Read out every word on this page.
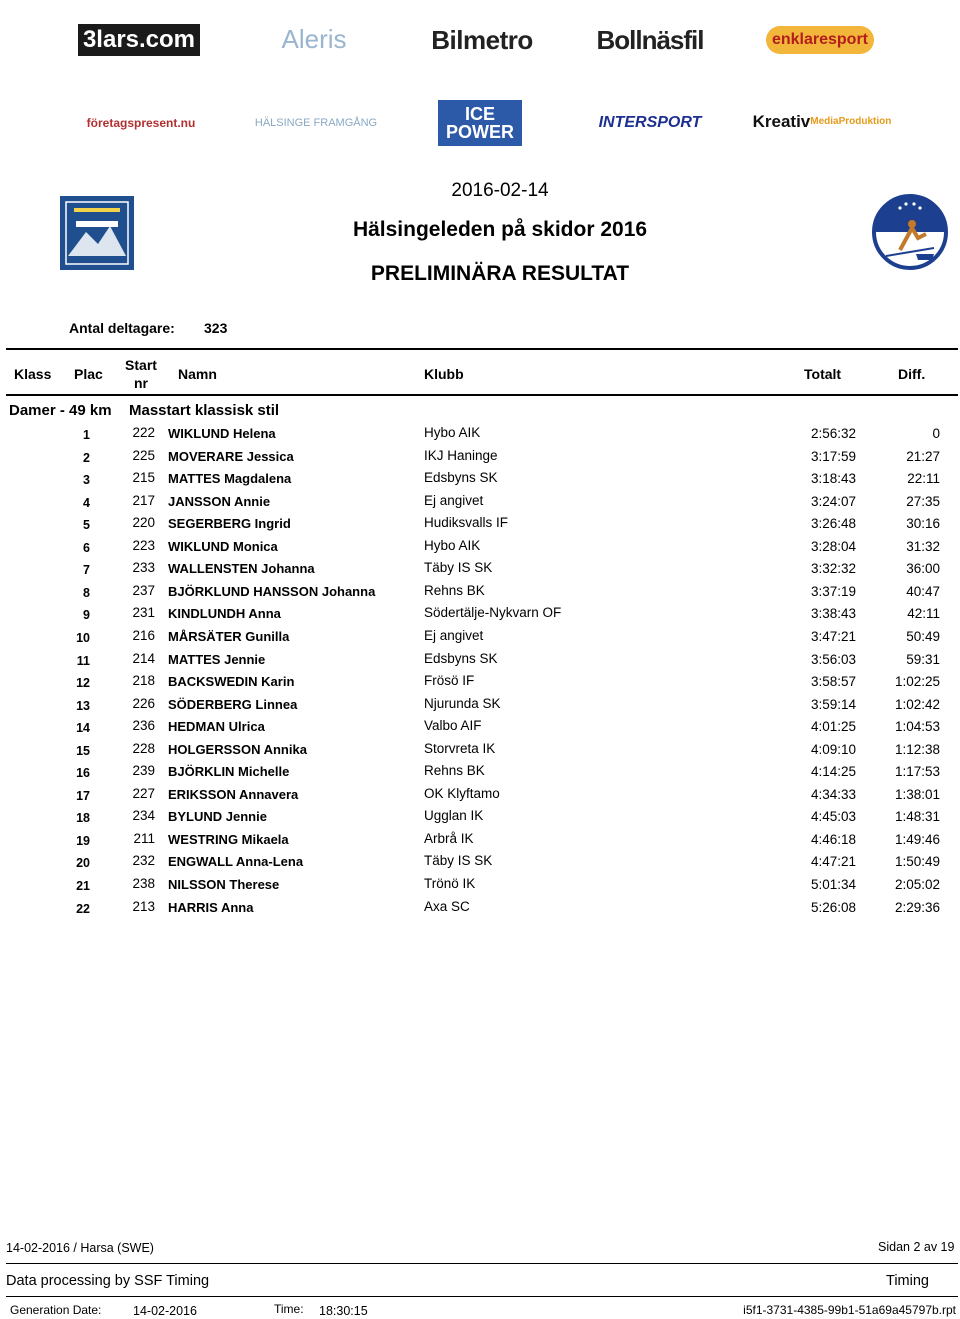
3lars.com	Aleris	Bilmetro	Bollnäsfil	enklaresport
företagspresent.nu	HÄLSINGE FRAMGÅNG	ICE POWER	INTERSPORT	Kreativ MediaProduktion
2016-02-14
Hälsingeleden på skidor 2016
PRELIMINÄRA RESULTAT
Antal deltagare: 323
Klass Plac
Start
nr
Namn	Klubb	Totalt	Diff.
Damer - 49 km Masstart klassisk stil
1	222 WIKLUND Helena	Hybo AIK	2:56:32	0
2	225 MOVERARE Jessica	IKJ Haninge	3:17:59	21:27
3	215 MATTES Magdalena	Edsbyns SK	3:18:43	22:11
4	217 JANSSON Annie	Ej angivet	3:24:07	27:35
5	220 SEGERBERG Ingrid	Hudiksvalls IF	3:26:48	30:16
6	223 WIKLUND Monica	Hybo AIK	3:28:04	31:32
7	233 WALLENSTEN Johanna	Täby IS SK	3:32:32	36:00
8	237 BJÖRKLUND HANSSON Johanna	Rehns BK	3:37:19	40:47
9	231 KINDLUNDH Anna	Södertälje-Nykvarn OF	3:38:43	42:11
10	216 MÅRSÄTER Gunilla	Ej angivet	3:47:21	50:49
11	214 MATTES Jennie	Edsbyns SK	3:56:03	59:31
12	218 BACKSWEDIN Karin	Frösö IF	3:58:57	1:02:25
13	226 SÖDERBERG Linnea	Njurunda SK	3:59:14	1:02:42
14	236 HEDMAN Ulrica	Valbo AIF	4:01:25	1:04:53
15	228 HOLGERSSON Annika	Storvreta IK	4:09:10	1:12:38
16	239 BJÖRKLIN Michelle	Rehns BK	4:14:25	1:17:53
17	227 ERIKSSON Annavera	OK Klyftamo	4:34:33	1:38:01
18	234 BYLUND Jennie	Ugglan IK	4:45:03	1:48:31
19	211 WESTRING Mikaela	Arbrå IK	4:46:18	1:49:46
20	232 ENGWALL Anna-Lena	Täby IS SK	4:47:21	1:50:49
21	238 NILSSON Therese	Trönö IK	5:01:34	2:05:02
22	213 HARRIS Anna	Axa SC	5:26:08	2:29:36
14-02-2016 / Harsa (SWE)	Sidan 2 av 19
Data processing by SSF Timing	Timing
Generation Date:	14-02-2016	Time: 18:30:15	i5f1-3731-4385-99b1-51a69a45797b.rpt
